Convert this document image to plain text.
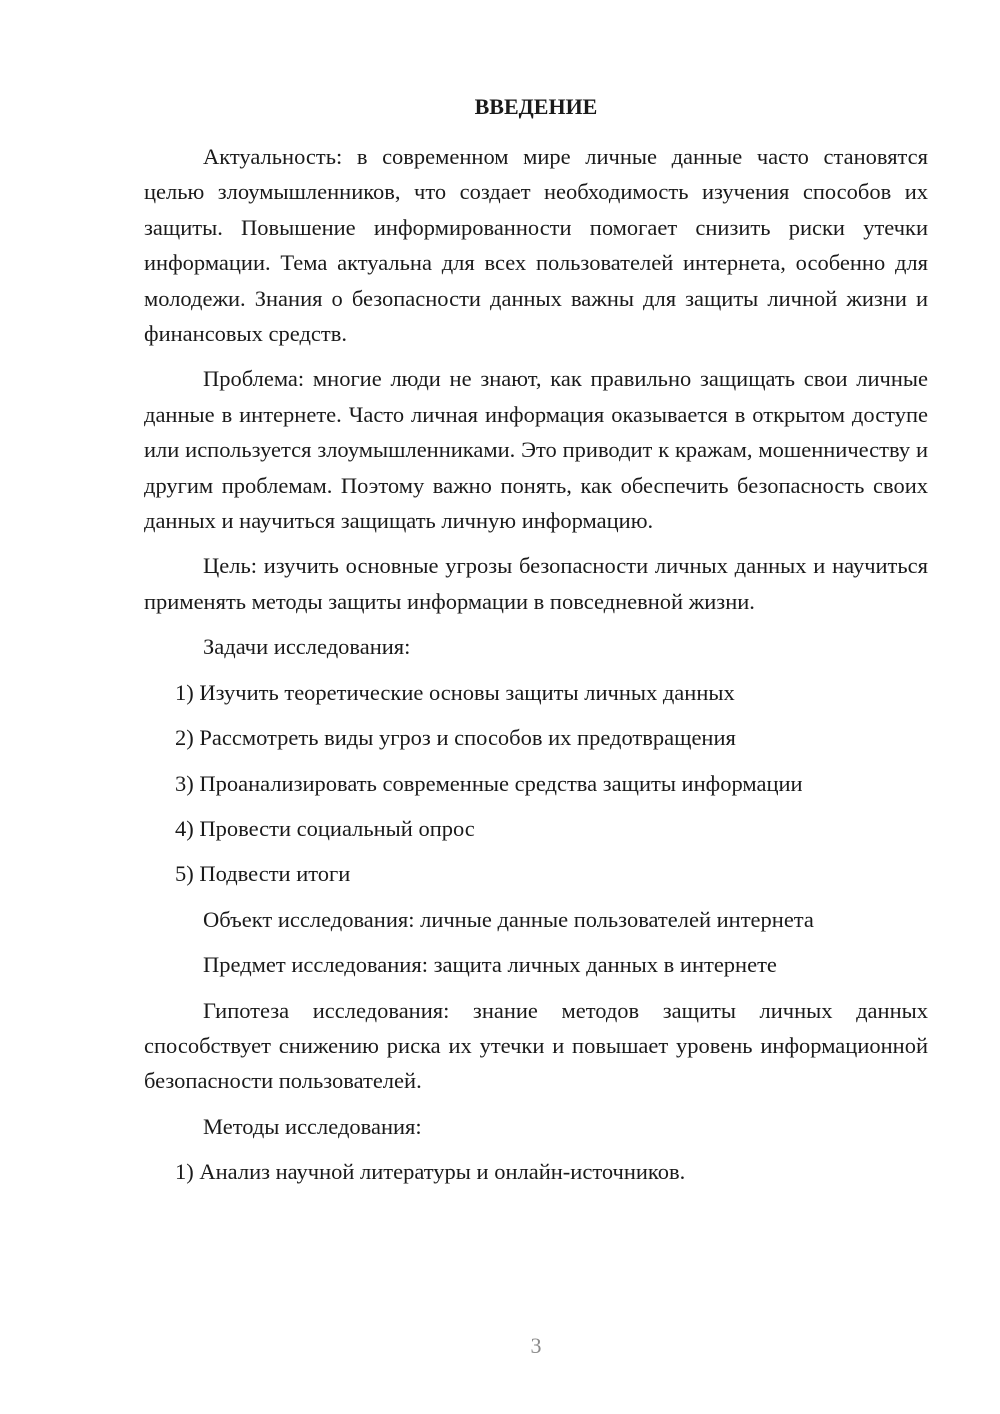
ВВЕДЕНИЕ

Актуальность: в современном мире личные данные часто становятся целью злоумышленников, что создает необходимость изучения способов их защиты. Повышение информированности помогает снизить риски утечки информации. Тема актуальна для всех пользователей интернета, особенно для молодежи. Знания о безопасности данных важны для защиты личной жизни и финансовых средств.

Проблема: многие люди не знают, как правильно защищать свои личные данные в интернете. Часто личная информация оказывается в открытом доступе или используется злоумышленниками. Это приводит к кражам, мошенничеству и другим проблемам. Поэтому важно понять, как обеспечить безопасность своих данных и научиться защищать личную информацию.

Цель: изучить основные угрозы безопасности личных данных и научиться применять методы защиты информации в повседневной жизни.

Задачи исследования:

1) Изучить теоретические основы защиты личных данных
2) Рассмотреть виды угроз и способов их предотвращения
3) Проанализировать современные средства защиты информации
4) Провести социальный опрос
5) Подвести итоги

Объект исследования: личные данные пользователей интернета

Предмет исследования: защита личных данных в интернете

Гипотеза исследования: знание методов защиты личных данных способствует снижению риска их утечки и повышает уровень информационной безопасности пользователей.

Методы исследования:

1) Анализ научной литературы и онлайн-источников.
3
